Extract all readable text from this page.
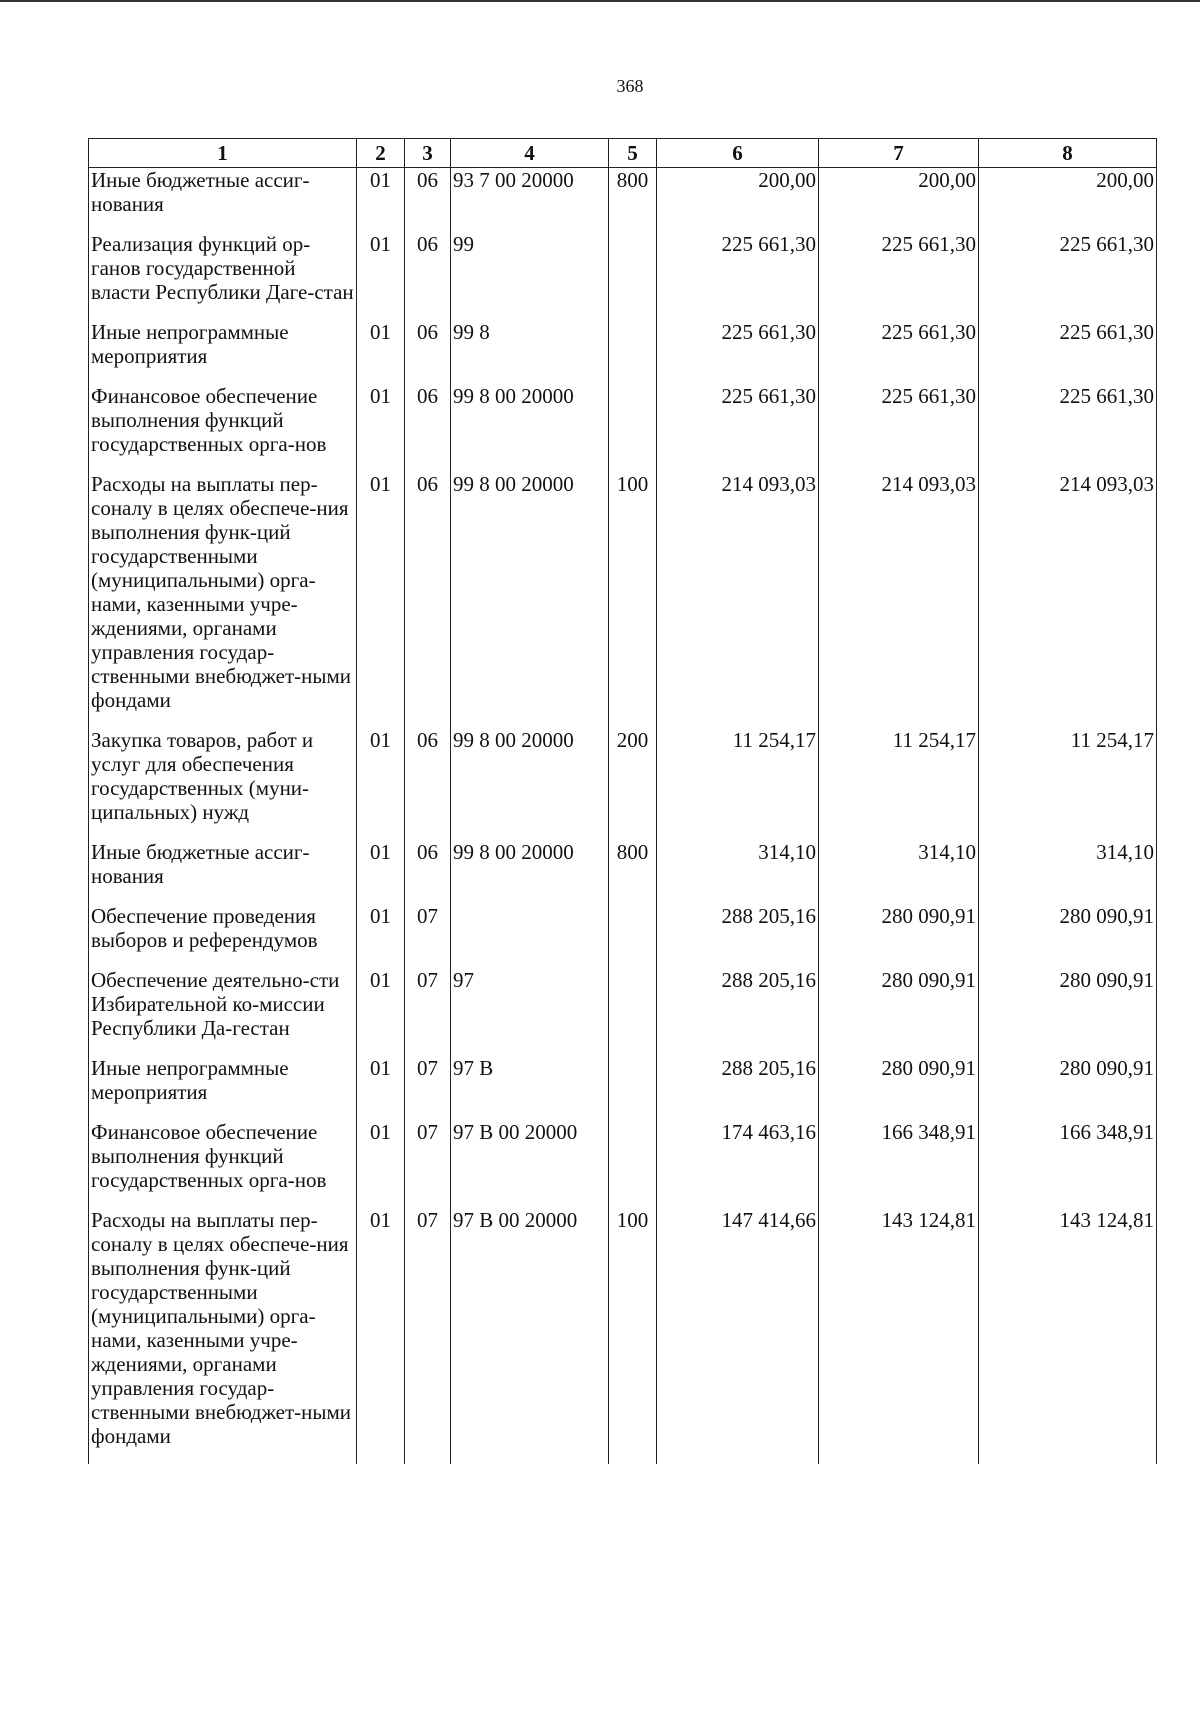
368
1	2	3	4	5	6	7	8
Иные бюджетные ассиг-нования	01	06	93 7 00 20000	800	200,00	200,00	200,00
Реализация функций ор-ганов государственной власти Республики Даге-стан	01	06	99		225 661,30	225 661,30	225 661,30
Иные непрограммные мероприятия	01	06	99 8		225 661,30	225 661,30	225 661,30
Финансовое обеспечение выполнения функций государственных орга-нов	01	06	99 8 00 20000		225 661,30	225 661,30	225 661,30
Расходы на выплаты пер-соналу в целях обеспече-ния выполнения функ-ций государственными (муниципальными) орга-нами, казенными учре-ждениями, органами управления государ-ственными внебюджет-ными фондами	01	06	99 8 00 20000	100	214 093,03	214 093,03	214 093,03
Закупка товаров, работ и услуг для обеспечения государственных (муни-ципальных) нужд	01	06	99 8 00 20000	200	11 254,17	11 254,17	11 254,17
Иные бюджетные ассиг-нования	01	06	99 8 00 20000	800	314,10	314,10	314,10
Обеспечение проведения выборов и референдумов	01	07			288 205,16	280 090,91	280 090,91
Обеспечение деятельно-сти Избирательной ко-миссии Республики Да-гестан	01	07	97		288 205,16	280 090,91	280 090,91
Иные непрограммные мероприятия	01	07	97 В		288 205,16	280 090,91	280 090,91
Финансовое обеспечение выполнения функций государственных орга-нов	01	07	97 В 00 20000		174 463,16	166 348,91	166 348,91
Расходы на выплаты пер-соналу в целях обеспече-ния выполнения функ-ций государственными (муниципальными) орга-нами, казенными учре-ждениями, органами управления государ-ственными внебюджет-ными фондами	01	07	97 В 00 20000	100	147 414,66	143 124,81	143 124,81
